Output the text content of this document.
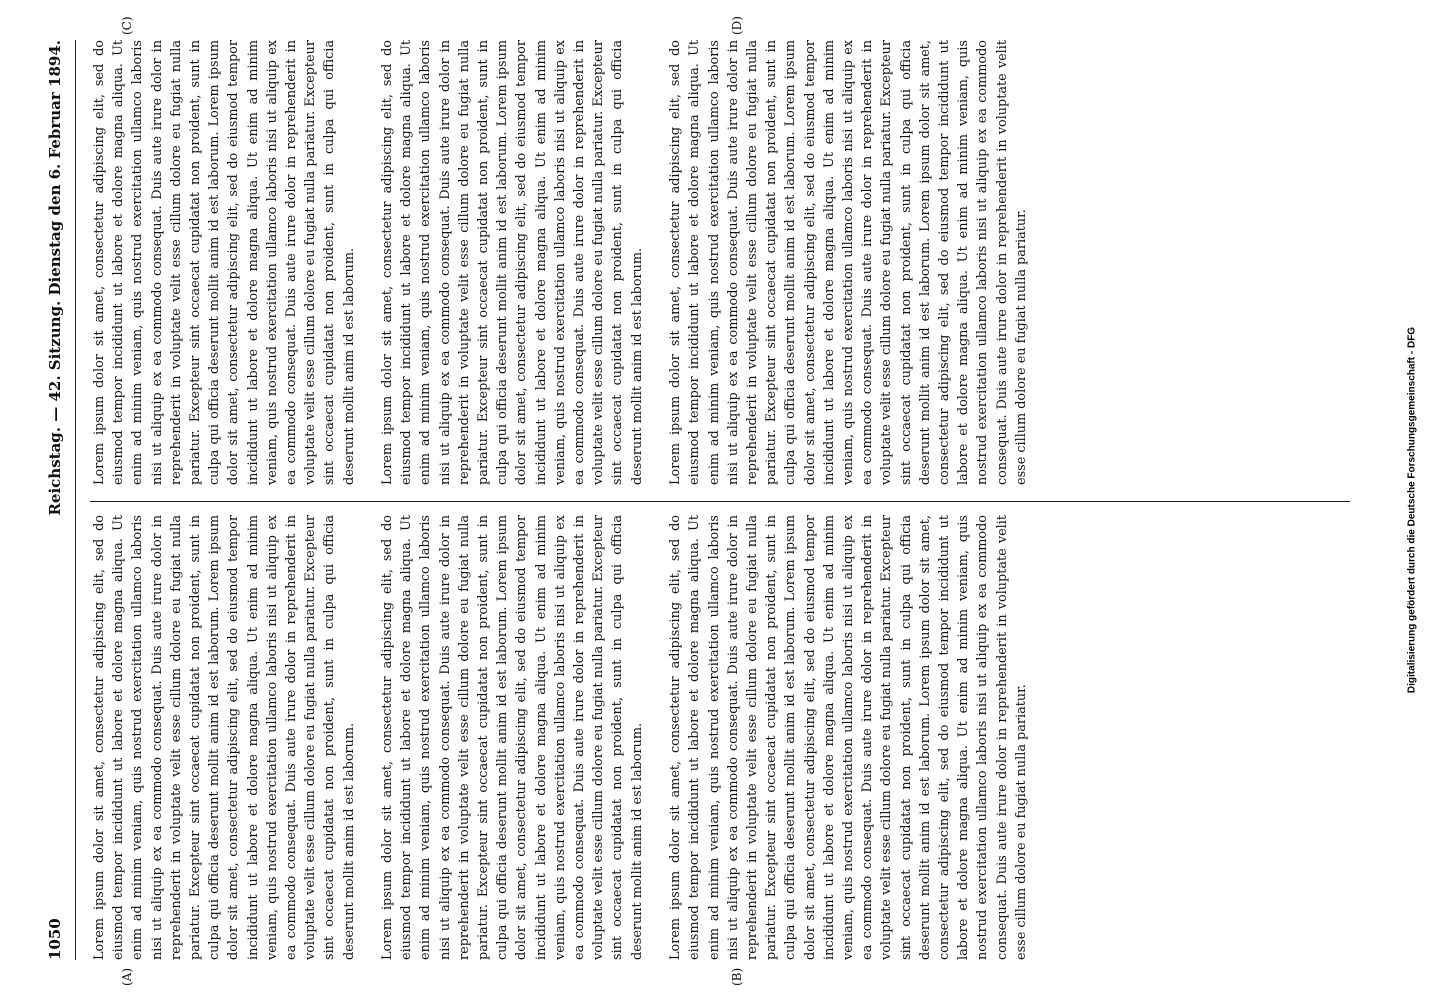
1050
Reichstag. — 42. Sitzung. Dienstag den 6. Februar 1894.
(A)	(B)
(C)	(D)
Lorem ipsum dolor sit amet, consectetur adipiscing elit, sed do eiusmod tempor incididunt ut labore et dolore magna aliqua. Ut enim ad minim veniam, quis nostrud exercitation ullamco laboris nisi ut aliquip ex ea commodo consequat. Duis aute irure dolor in reprehenderit in voluptate velit esse cillum dolore eu fugiat nulla pariatur. Excepteur sint occaecat cupidatat non proident, sunt in culpa qui officia deserunt mollit anim id est laborum. Lorem ipsum dolor sit amet, consectetur adipiscing elit, sed do eiusmod tempor incididunt ut labore et dolore magna aliqua. Ut enim ad minim veniam, quis nostrud exercitation ullamco laboris nisi ut aliquip ex ea commodo consequat. Duis aute irure dolor in reprehenderit in voluptate velit esse cillum dolore eu fugiat nulla pariatur. Excepteur sint occaecat cupidatat non proident, sunt in culpa qui officia deserunt mollit anim id est laborum.

Lorem ipsum dolor sit amet, consectetur adipiscing elit, sed do eiusmod tempor incididunt ut labore et dolore magna aliqua. Ut enim ad minim veniam, quis nostrud exercitation ullamco laboris nisi ut aliquip ex ea commodo consequat. Duis aute irure dolor in reprehenderit in voluptate velit esse cillum dolore eu fugiat nulla pariatur. Excepteur sint occaecat cupidatat non proident, sunt in culpa qui officia deserunt mollit anim id est laborum. Lorem ipsum dolor sit amet, consectetur adipiscing elit, sed do eiusmod tempor incididunt ut labore et dolore magna aliqua. Ut enim ad minim veniam, quis nostrud exercitation ullamco laboris nisi ut aliquip ex ea commodo consequat. Duis aute irure dolor in reprehenderit in voluptate velit esse cillum dolore eu fugiat nulla pariatur. Excepteur sint occaecat cupidatat non proident, sunt in culpa qui officia deserunt mollit anim id est laborum.

Lorem ipsum dolor sit amet, consectetur adipiscing elit, sed do eiusmod tempor incididunt ut labore et dolore magna aliqua. Ut enim ad minim veniam, quis nostrud exercitation ullamco laboris nisi ut aliquip ex ea commodo consequat. Duis aute irure dolor in reprehenderit in voluptate velit esse cillum dolore eu fugiat nulla pariatur. Excepteur sint occaecat cupidatat non proident, sunt in culpa qui officia deserunt mollit anim id est laborum. Lorem ipsum dolor sit amet, consectetur adipiscing elit, sed do eiusmod tempor incididunt ut labore et dolore magna aliqua. Ut enim ad minim veniam, quis nostrud exercitation ullamco laboris nisi ut aliquip ex ea commodo consequat. Duis aute irure dolor in reprehenderit in voluptate velit esse cillum dolore eu fugiat nulla pariatur. Excepteur sint occaecat cupidatat non proident, sunt in culpa qui officia deserunt mollit anim id est laborum. Lorem ipsum dolor sit amet, consectetur adipiscing elit, sed do eiusmod tempor incididunt ut labore et dolore magna aliqua. Ut enim ad minim veniam, quis nostrud exercitation ullamco laboris nisi ut aliquip ex ea commodo consequat. Duis aute irure dolor in reprehenderit in voluptate velit esse cillum dolore eu fugiat nulla pariatur.
Lorem ipsum dolor sit amet, consectetur adipiscing elit, sed do eiusmod tempor incididunt ut labore et dolore magna aliqua. Ut enim ad minim veniam, quis nostrud exercitation ullamco laboris nisi ut aliquip ex ea commodo consequat. Duis aute irure dolor in reprehenderit in voluptate velit esse cillum dolore eu fugiat nulla pariatur. Excepteur sint occaecat cupidatat non proident, sunt in culpa qui officia deserunt mollit anim id est laborum. Lorem ipsum dolor sit amet, consectetur adipiscing elit, sed do eiusmod tempor incididunt ut labore et dolore magna aliqua. Ut enim ad minim veniam, quis nostrud exercitation ullamco laboris nisi ut aliquip ex ea commodo consequat. Duis aute irure dolor in reprehenderit in voluptate velit esse cillum dolore eu fugiat nulla pariatur. Excepteur sint occaecat cupidatat non proident, sunt in culpa qui officia deserunt mollit anim id est laborum.

Lorem ipsum dolor sit amet, consectetur adipiscing elit, sed do eiusmod tempor incididunt ut labore et dolore magna aliqua. Ut enim ad minim veniam, quis nostrud exercitation ullamco laboris nisi ut aliquip ex ea commodo consequat. Duis aute irure dolor in reprehenderit in voluptate velit esse cillum dolore eu fugiat nulla pariatur. Excepteur sint occaecat cupidatat non proident, sunt in culpa qui officia deserunt mollit anim id est laborum. Lorem ipsum dolor sit amet, consectetur adipiscing elit, sed do eiusmod tempor incididunt ut labore et dolore magna aliqua. Ut enim ad minim veniam, quis nostrud exercitation ullamco laboris nisi ut aliquip ex ea commodo consequat. Duis aute irure dolor in reprehenderit in voluptate velit esse cillum dolore eu fugiat nulla pariatur. Excepteur sint occaecat cupidatat non proident, sunt in culpa qui officia deserunt mollit anim id est laborum.

Lorem ipsum dolor sit amet, consectetur adipiscing elit, sed do eiusmod tempor incididunt ut labore et dolore magna aliqua. Ut enim ad minim veniam, quis nostrud exercitation ullamco laboris nisi ut aliquip ex ea commodo consequat. Duis aute irure dolor in reprehenderit in voluptate velit esse cillum dolore eu fugiat nulla pariatur. Excepteur sint occaecat cupidatat non proident, sunt in culpa qui officia deserunt mollit anim id est laborum. Lorem ipsum dolor sit amet, consectetur adipiscing elit, sed do eiusmod tempor incididunt ut labore et dolore magna aliqua. Ut enim ad minim veniam, quis nostrud exercitation ullamco laboris nisi ut aliquip ex ea commodo consequat. Duis aute irure dolor in reprehenderit in voluptate velit esse cillum dolore eu fugiat nulla pariatur. Excepteur sint occaecat cupidatat non proident, sunt in culpa qui officia deserunt mollit anim id est laborum. Lorem ipsum dolor sit amet, consectetur adipiscing elit, sed do eiusmod tempor incididunt ut labore et dolore magna aliqua. Ut enim ad minim veniam, quis nostrud exercitation ullamco laboris nisi ut aliquip ex ea commodo consequat. Duis aute irure dolor in reprehenderit in voluptate velit esse cillum dolore eu fugiat nulla pariatur.
Digitalisierung gefördert durch die Deutsche Forschungsgemeinschaft - DFG
